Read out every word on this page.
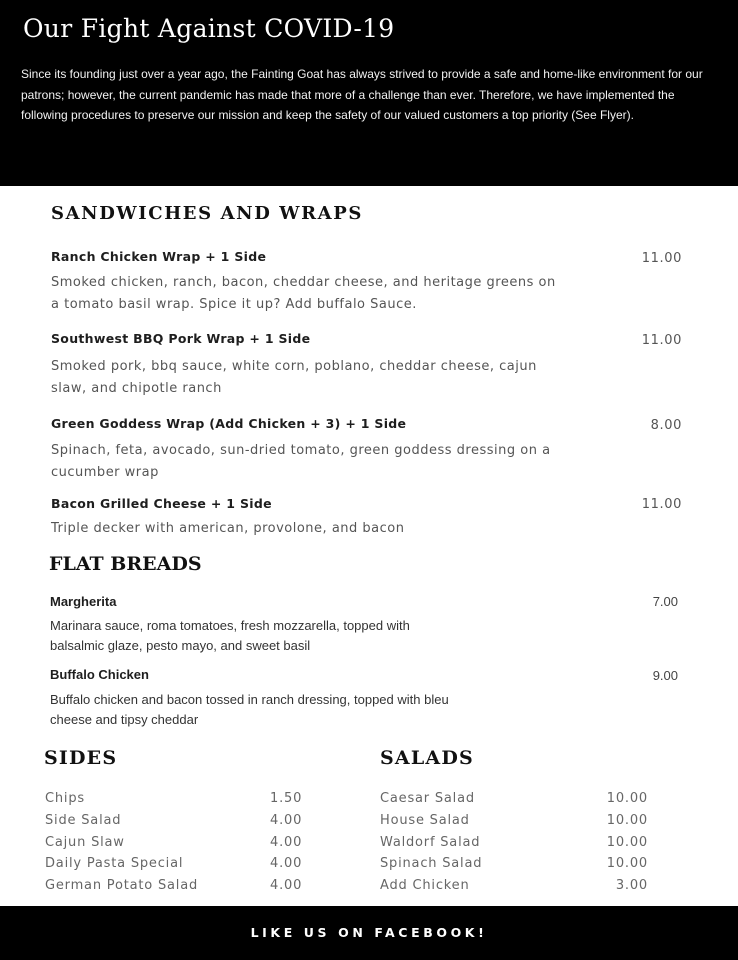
Our Fight Against COVID-19

Since its founding just over a year ago, the Fainting Goat has always strived to provide a safe and home-like environment for our patrons; however, the current pandemic has made that more of a challenge than ever. Therefore, we have implemented the following procedures to preserve our mission and keep the safety of our valued customers a top priority (See Flyer).

SANDWICHES AND WRAPS
Ranch Chicken Wrap + 1 Side	11.00

Smoked chicken, ranch, bacon, cheddar cheese, and heritage greens on a tomato basil wrap. Spice it up? Add buffalo Sauce.

Southwest BBQ Pork Wrap + 1 Side	11.00

Smoked pork, bbq sauce, white corn, poblano, cheddar cheese, cajun slaw, and chipotle ranch

Green Goddess Wrap (Add Chicken + 3) + 1 Side	8.00

Spinach, feta, avocado, sun-dried tomato, green goddess dressing on a cucumber wrap

Bacon Grilled Cheese + 1 Side	11.00

Triple decker with american, provolone, and bacon

FLAT BREADS
Margherita	7.00

Marinara sauce, roma tomatoes, fresh mozzarella, topped with balsalmic glaze, pesto mayo, and sweet basil

Buffalo Chicken	9.00

Buffalo chicken and bacon tossed in ranch dressing, topped with bleu cheese and tipsy cheddar

SIDES
Chips	1.50
Side Salad	4.00
Cajun Slaw	4.00
Daily Pasta Special	4.00
German Potato Salad	4.00
SALADS
Caesar Salad	10.00
House Salad	10.00
Waldorf Salad	10.00
Spinach Salad	10.00
Add Chicken	3.00
LIKE US ON FACEBOOK!
